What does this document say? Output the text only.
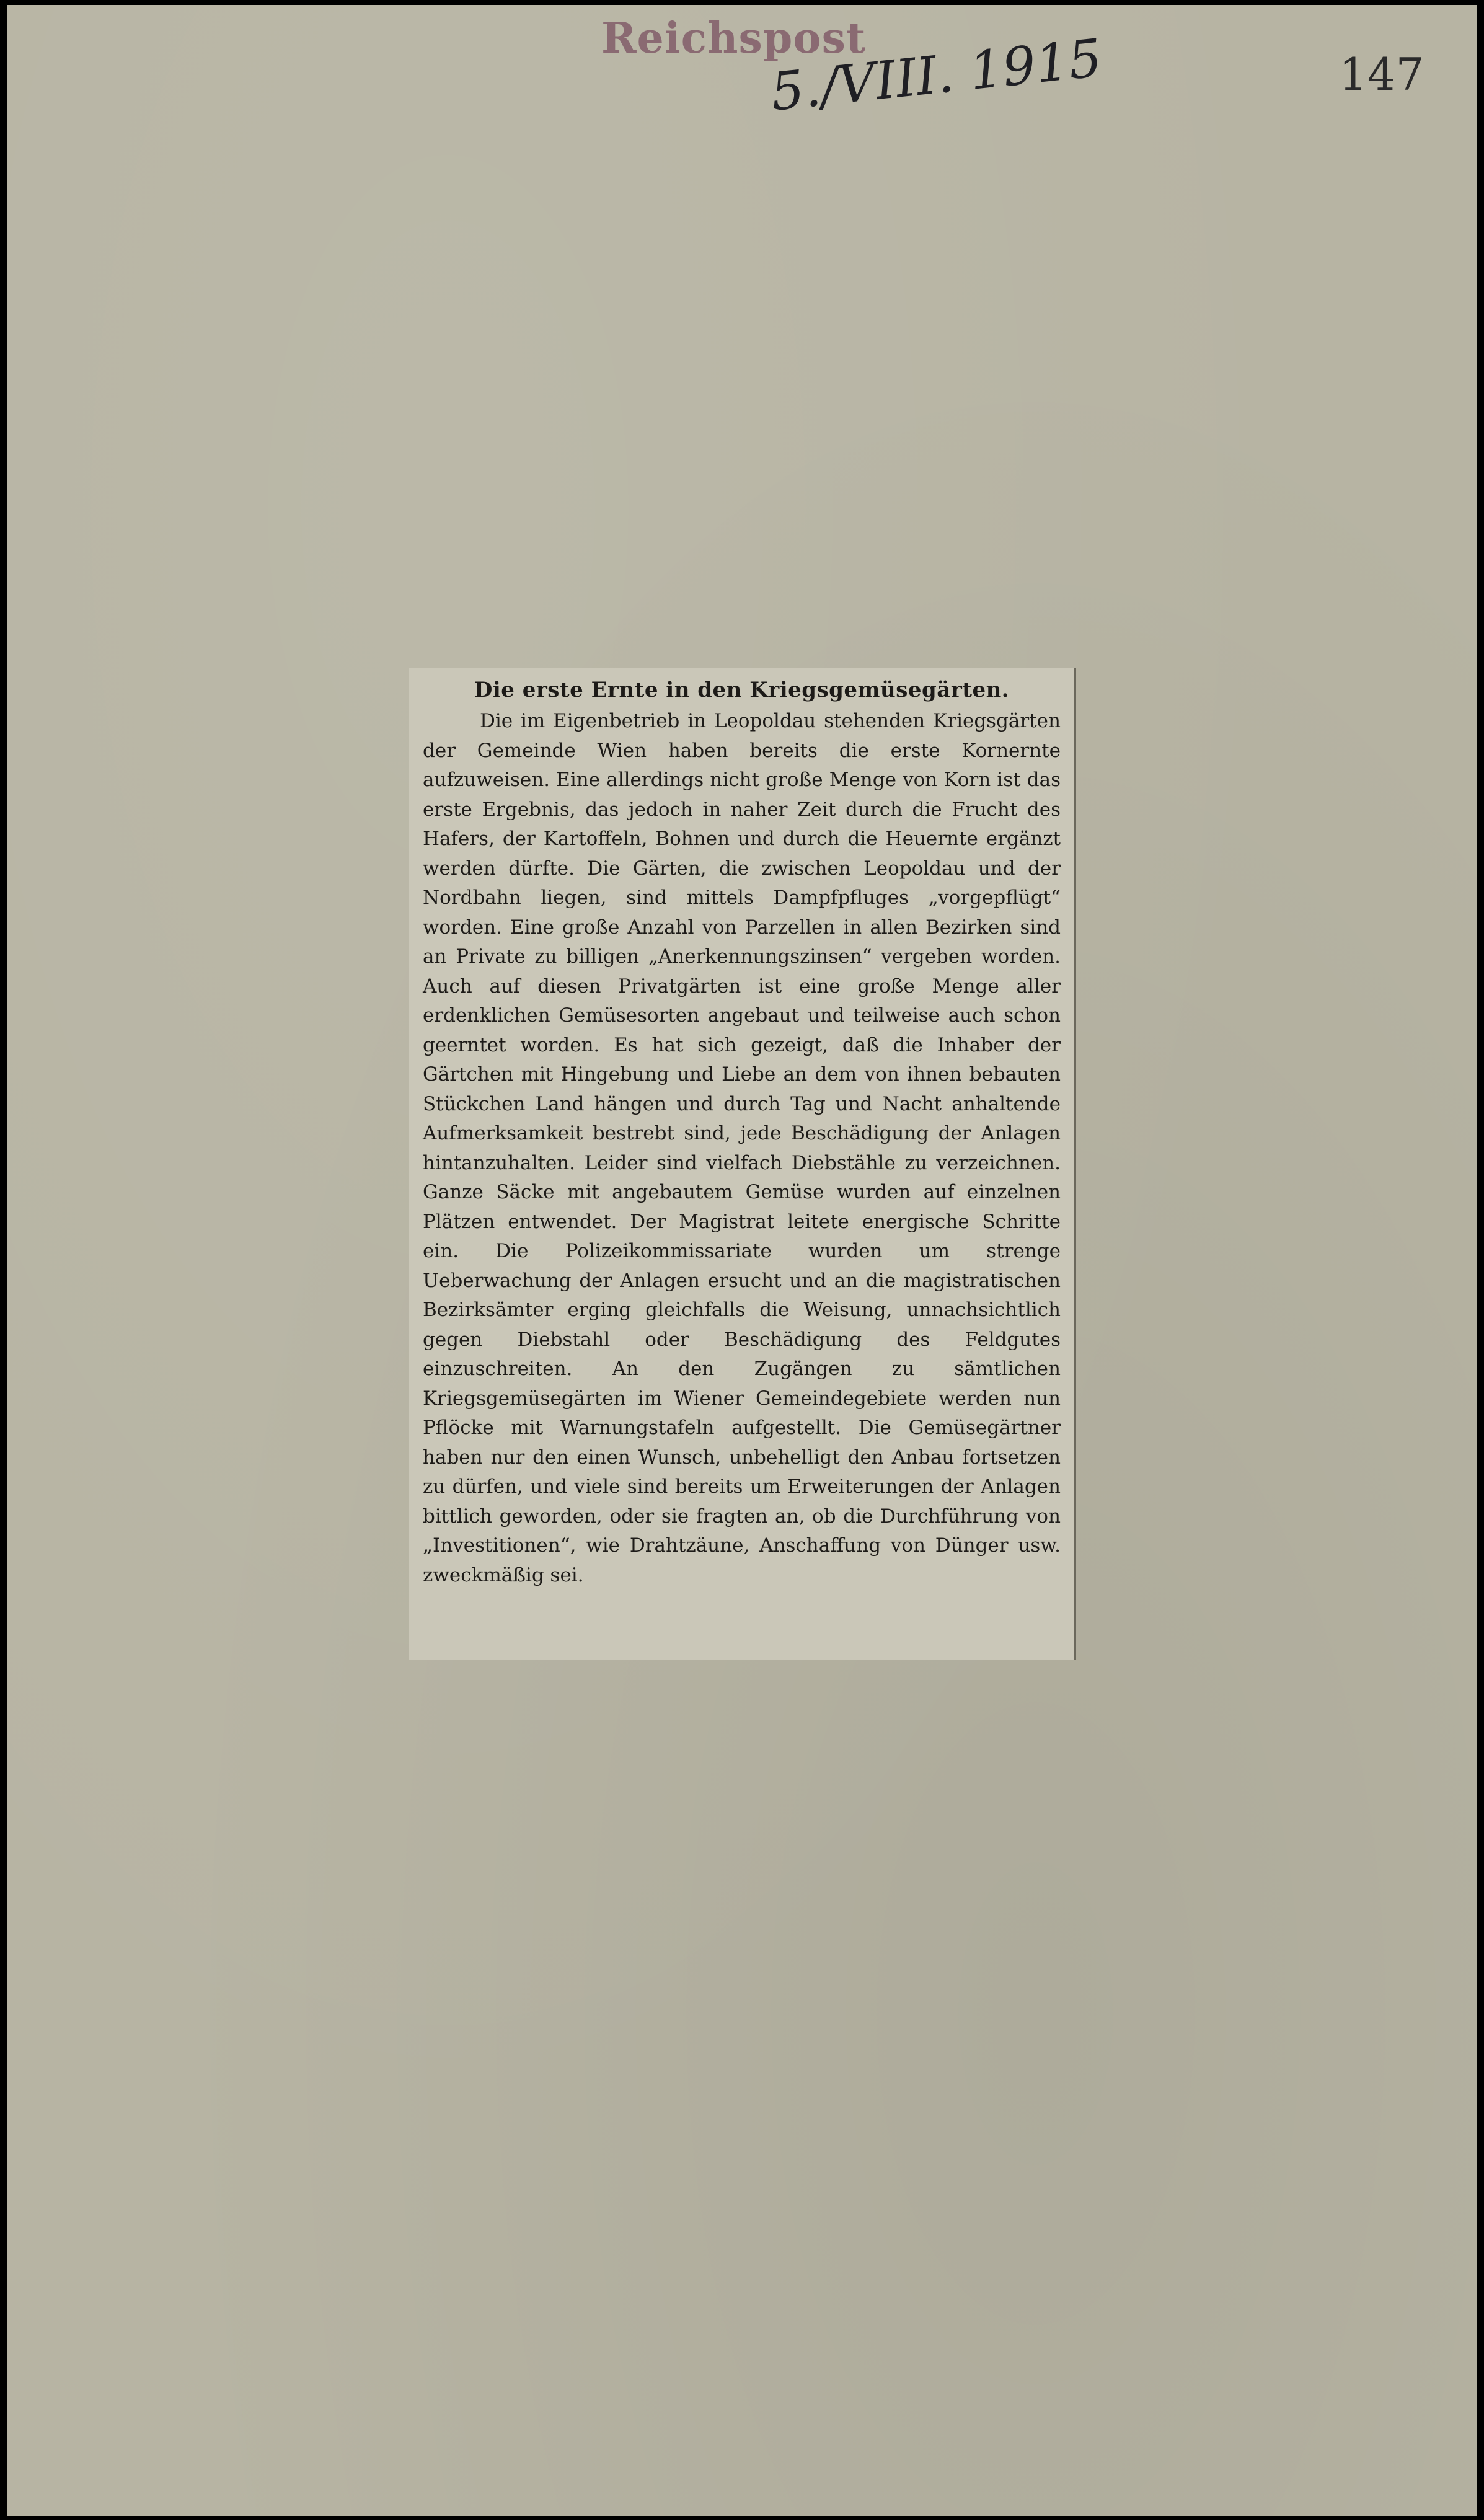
Reichspost
5./VIII. 1915	147
Die erste Ernte in den Kriegsgemüsegärten.

Die im Eigenbetrieb in Leopoldau stehenden Kriegsgärten der Gemeinde Wien haben bereits die erste Kornernte aufzuweisen. Eine allerdings nicht große Menge von Korn ist das erste Ergebnis, das jedoch in naher Zeit durch die Frucht des Hafers, der Kartoffeln, Bohnen und durch die Heuernte ergänzt werden dürfte. Die Gärten, die zwischen Leopoldau und der Nordbahn liegen, sind mittels Dampfpfluges „vorgepflügt“ worden. Eine große Anzahl von Parzellen in allen Bezirken sind an Private zu billigen „Anerkennungszinsen“ vergeben worden. Auch auf diesen Privatgärten ist eine große Menge aller erdenklichen Gemüsesorten angebaut und teilweise auch schon geerntet worden. Es hat sich gezeigt, daß die Inhaber der Gärtchen mit Hingebung und Liebe an dem von ihnen bebauten Stückchen Land hängen und durch Tag und Nacht anhaltende Aufmerksamkeit bestrebt sind, jede Beschädigung der Anlagen hintanzuhalten. Leider sind vielfach Diebstähle zu verzeichnen. Ganze Säcke mit angebautem Gemüse wurden auf einzelnen Plätzen entwendet. Der Magistrat leitete energische Schritte ein. Die Polizeikommissariate wurden um strenge Ueberwachung der Anlagen ersucht und an die magistratischen Bezirksämter erging gleichfalls die Weisung, unnachsichtlich gegen Diebstahl oder Beschädigung des Feldgutes einzuschreiten. An den Zugängen zu sämtlichen Kriegsgemüsegärten im Wiener Gemeindegebiete werden nun Pflöcke mit Warnungstafeln aufgestellt. Die Gemüsegärtner haben nur den einen Wunsch, unbehelligt den Anbau fortsetzen zu dürfen, und viele sind bereits um Erweiterungen der Anlagen bittlich geworden, oder sie fragten an, ob die Durchführung von „Investitionen“, wie Drahtzäune, Anschaffung von Dünger usw. zweckmäßig sei.
